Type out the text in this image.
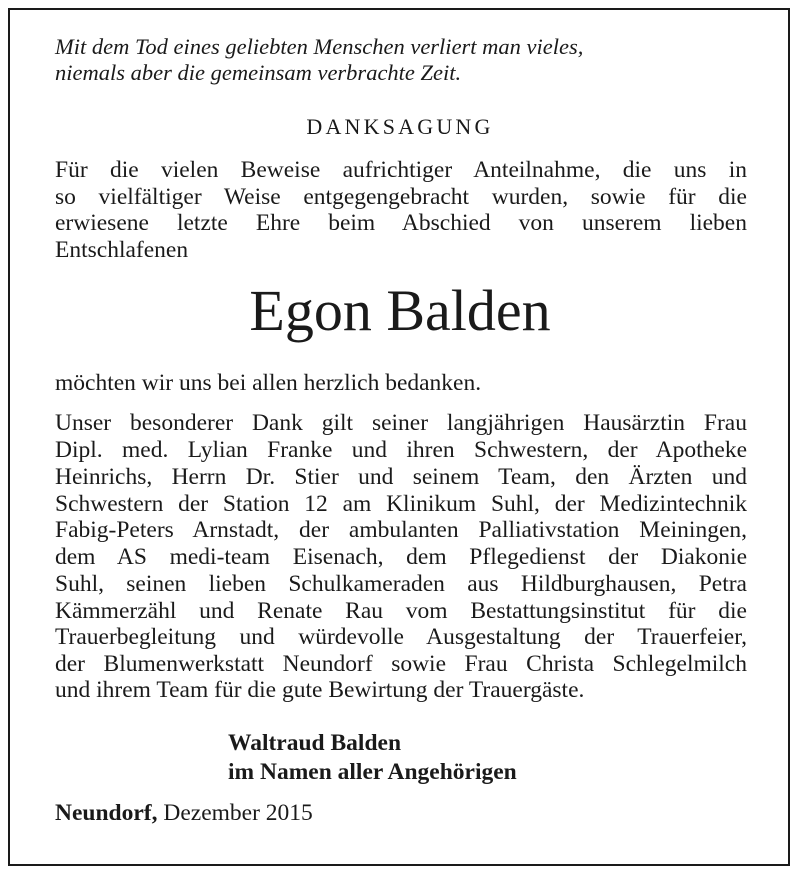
Mit dem Tod eines geliebten Menschen verliert man vieles,
niemals aber die gemeinsam verbrachte Zeit.
DANKSAGUNG
Für die vielen Beweise aufrichtiger Anteilnahme, die uns in
so vielfältiger Weise entgegengebracht wurden, sowie für die
erwiesene letzte Ehre beim Abschied von unserem lieben
Entschlafenen
Egon Balden
möchten wir uns bei allen herzlich bedanken.
Unser besonderer Dank gilt seiner langjährigen Hausärztin Frau
Dipl. med. Lylian Franke und ihren Schwestern, der Apotheke
Heinrichs, Herrn Dr. Stier und seinem Team, den Ärzten und
Schwestern der Station 12 am Klinikum Suhl, der Medizintechnik
Fabig-Peters Arnstadt, der ambulanten Palliativstation Meiningen,
dem AS medi-team Eisenach, dem Pflegedienst der Diakonie
Suhl, seinen lieben Schulkameraden aus Hildburghausen, Petra
Kämmerzähl und Renate Rau vom Bestattungsinstitut für die
Trauerbegleitung und würdevolle Ausgestaltung der Trauerfeier,
der Blumenwerkstatt Neundorf sowie Frau Christa Schlegelmilch
und ihrem Team für die gute Bewirtung der Trauergäste.
Waltraud Balden
im Namen aller Angehörigen
Neundorf, Dezember 2015
